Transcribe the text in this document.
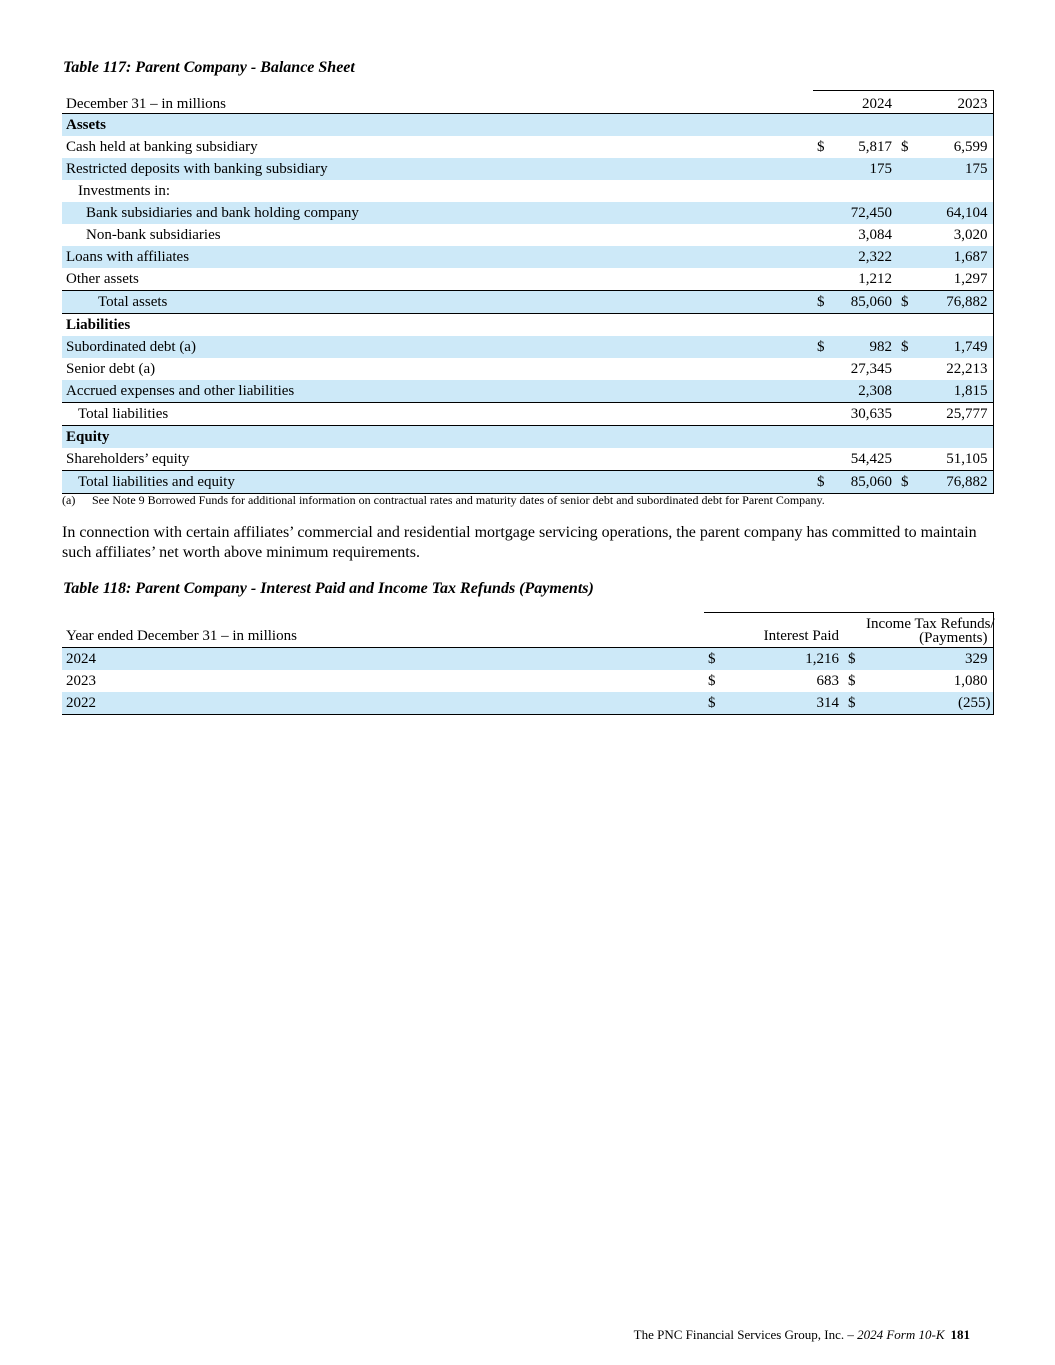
Table 117: Parent Company - Balance Sheet
December 31 – in millions		2024		2023
Assets				
Cash held at banking subsidiary	$	5,817	$	6,599
Restricted deposits with banking subsidiary		175		175
Investments in:				
Bank subsidiaries and bank holding company		72,450		64,104
Non-bank subsidiaries		3,084		3,020
Loans with affiliates		2,322		1,687
Other assets		1,212		1,297
Total assets	$	85,060	$	76,882
Liabilities				
Subordinated debt (a)	$	982	$	1,749
Senior debt (a)		27,345		22,213
Accrued expenses and other liabilities		2,308		1,815
Total liabilities		30,635		25,777
Equity				
Shareholders’ equity		54,425		51,105
Total liabilities and equity	$	85,060	$	76,882
(a) See Note 9 Borrowed Funds for additional information on contractual rates and maturity dates of senior debt and subordinated debt for Parent Company.
In connection with certain affiliates’ commercial and residential mortgage servicing operations, the parent company has committed to maintain such affiliates’ net worth above minimum requirements.
Table 118: Parent Company - Interest Paid and Income Tax Refunds (Payments)
Year ended December 31 – in millions		Interest Paid		Income Tax Refunds/
(Payments)
2024	$	1,216	$	329
2023	$	683	$	1,080
2022	$	314	$	(255)
The PNC Financial Services Group, Inc. – 2024 Form 10-K 181
